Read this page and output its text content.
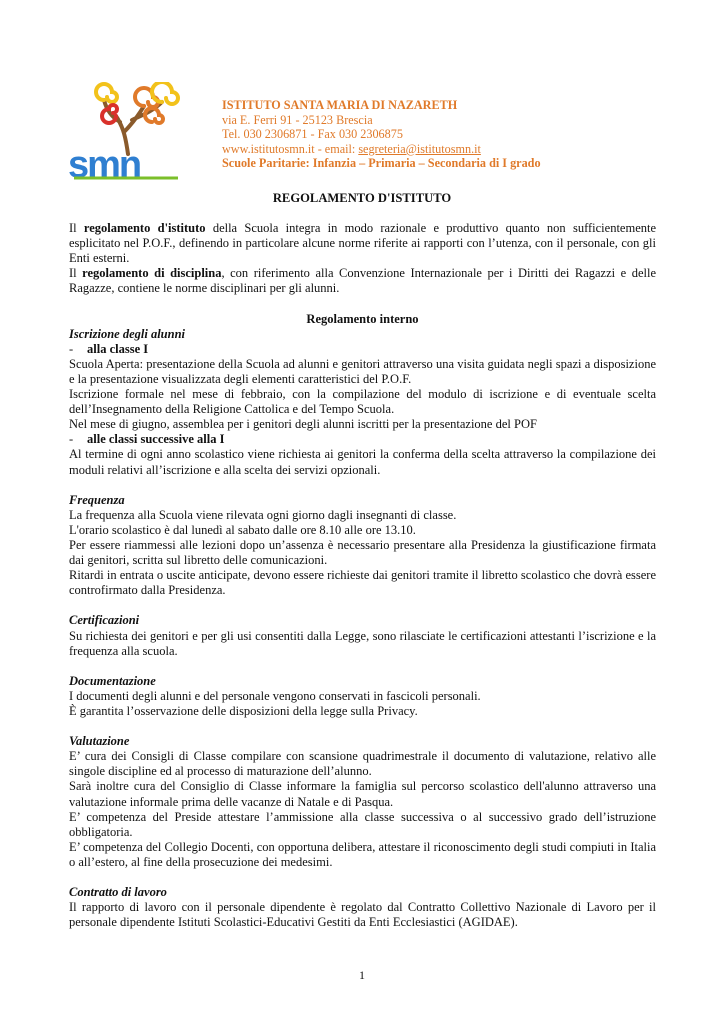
smn
ISTITUTO SANTA MARIA DI NAZARETH
via E. Ferri 91 - 25123 Brescia
Tel. 030 2306871 - Fax 030 2306875
www.istitutosmn.it - email: segreteria@istitutosmn.it
Scuole Paritarie: Infanzia – Primaria – Secondaria di I grado
REGOLAMENTO D'ISTITUTO

Il regolamento d'istituto della Scuola integra in modo razionale e produttivo quanto non sufficientemente esplicitato nel P.O.F., definendo in particolare alcune norme riferite ai rapporti con l’utenza, con il personale, con gli Enti esterni.

Il regolamento di disciplina, con riferimento alla Convenzione Internazionale per i Diritti dei Ragazzi e delle Ragazze, contiene le norme disciplinari per gli alunni.

Regolamento interno

Iscrizione degli alunni

-	alla classe I

Scuola Aperta: presentazione della Scuola ad alunni e genitori attraverso una visita guidata negli spazi a disposizione e la presentazione visualizzata degli elementi caratteristici del P.O.F.

Iscrizione formale nel mese di febbraio, con la compilazione del modulo di iscrizione e di eventuale scelta dell’Insegnamento della Religione Cattolica e del Tempo Scuola.

Nel mese di giugno, assemblea per i genitori degli alunni iscritti per la presentazione del POF

-	alle classi successive alla I

Al termine di ogni anno scolastico viene richiesta ai genitori la conferma della scelta attraverso la compilazione dei moduli relativi all’iscrizione e alla scelta dei servizi opzionali.

Frequenza

La frequenza alla Scuola viene rilevata ogni giorno dagli insegnanti di classe.

L'orario scolastico è dal lunedì al sabato dalle ore 8.10 alle ore 13.10.

Per essere riammessi alle lezioni dopo un’assenza è necessario presentare alla Presidenza la giustificazione firmata dai genitori, scritta sul libretto delle comunicazioni.

Ritardi in entrata o uscite anticipate, devono essere richieste dai genitori tramite il libretto scolastico che dovrà essere controfirmato dalla Presidenza.

Certificazioni

Su richiesta dei genitori e per gli usi consentiti dalla Legge, sono rilasciate le certificazioni attestanti l’iscrizione e la frequenza alla scuola.

Documentazione

I documenti degli alunni e del personale vengono conservati in fascicoli personali.

È garantita l’osservazione delle disposizioni della legge sulla Privacy.

Valutazione

E’ cura dei Consigli di Classe compilare con scansione quadrimestrale il documento di valutazione, relativo alle singole discipline ed al processo di maturazione dell’alunno.

Sarà inoltre cura del Consiglio di Classe informare la famiglia sul percorso scolastico dell'alunno attraverso una valutazione informale prima delle vacanze di Natale e di Pasqua.

E’ competenza del Preside attestare l’ammissione alla classe successiva o al successivo grado dell’istruzione obbligatoria.

E’ competenza del Collegio Docenti, con opportuna delibera, attestare il riconoscimento degli studi compiuti in Italia o all’estero, al fine della prosecuzione dei medesimi.

Contratto di lavoro

Il rapporto di lavoro con il personale dipendente è regolato dal Contratto Collettivo Nazionale di Lavoro per il personale dipendente Istituti Scolastici-Educativi Gestiti da Enti Ecclesiastici (AGIDAE).

1
